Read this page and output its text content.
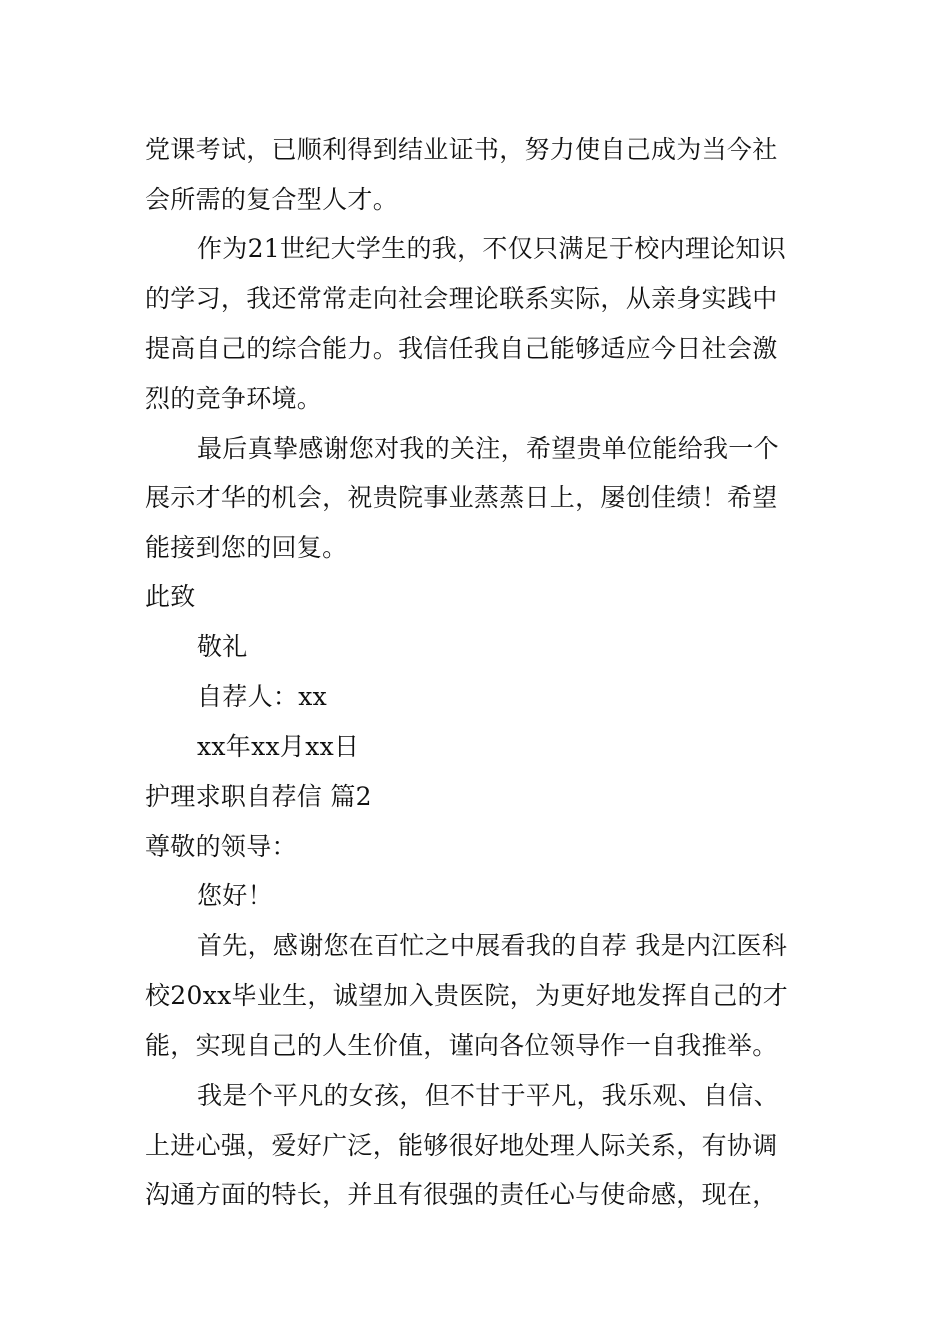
党课考试，已顺利得到结业证书，努力使自己成为当今社
会所需的复合型人才。
作为21世纪大学生的我，不仅只满足于校内理论知识
的学习，我还常常走向社会理论联系实际，从亲身实践中
提高自己的综合能力。我信任我自己能够适应今日社会激
烈的竞争环境。
最后真挚感谢您对我的关注，希望贵单位能给我一个
展示才华的机会，祝贵院事业蒸蒸日上，屡创佳绩！希望
能接到您的回复。
此致
敬礼
自荐人：xx
xx年xx月xx日
护理求职自荐信 篇2
尊敬的领导：
您好！
首先，感谢您在百忙之中展看我的自荐 我是内江医科
校20xx毕业生，诚望加入贵医院，为更好地发挥自己的才
能，实现自己的人生价值，谨向各位领导作一自我推举。
我是个平凡的女孩，但不甘于平凡，我乐观、自信、
上进心强，爱好广泛，能够很好地处理人际关系，有协调
沟通方面的特长，并且有很强的责任心与使命感，现在，
